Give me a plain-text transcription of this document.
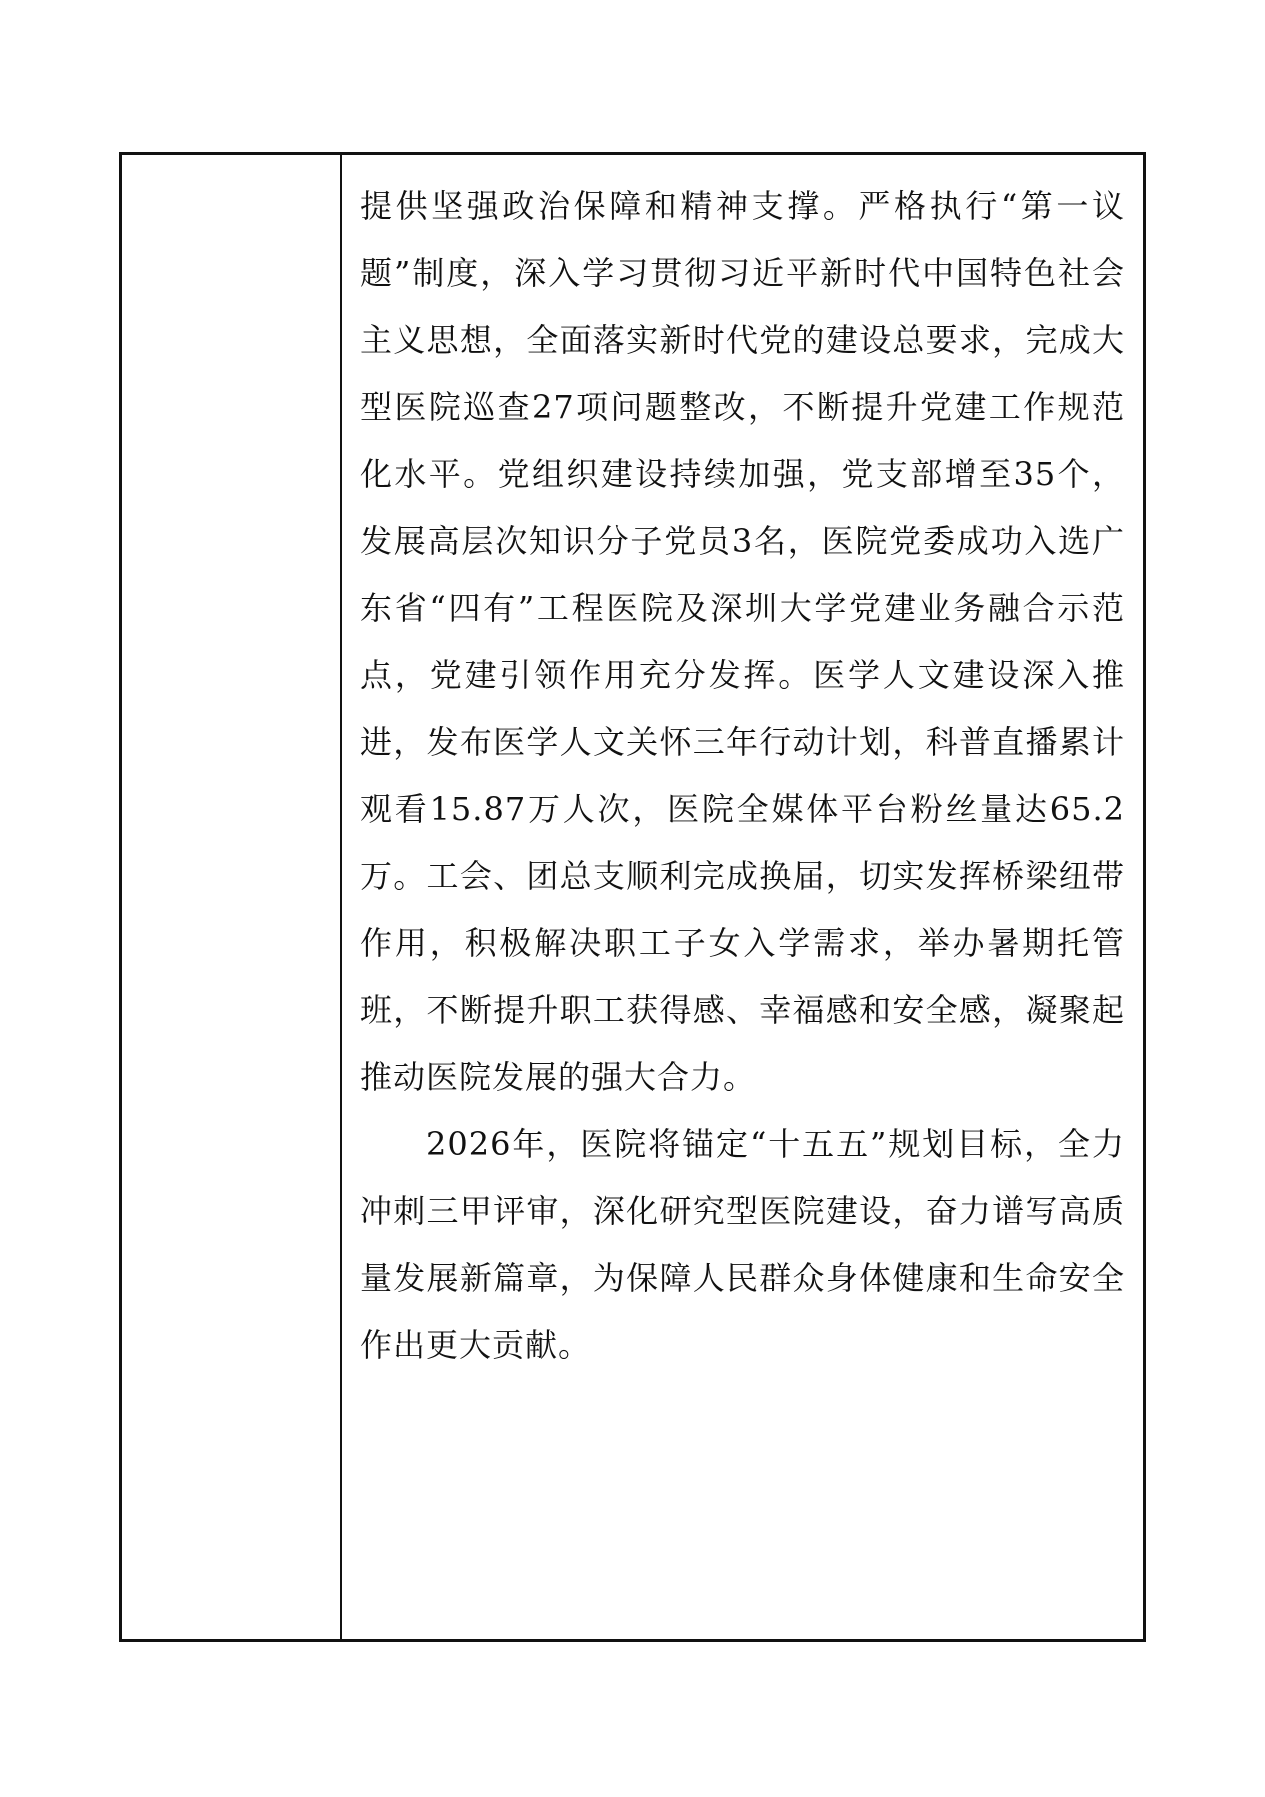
提供坚强政治保障和精神支撑。严格执行“第一议题”制度，深入学习贯彻习近平新时代中国特色社会主义思想，全面落实新时代党的建设总要求，完成大型医院巡查27项问题整改，不断提升党建工作规范化水平。党组织建设持续加强，党支部增至35个，发展高层次知识分子党员3名，医院党委成功入选广东省“四有”工程医院及深圳大学党建业务融合示范点，党建引领作用充分发挥。医学人文建设深入推进，发布医学人文关怀三年行动计划，科普直播累计观看15.87万人次，医院全媒体平台粉丝量达65.2万。工会、团总支顺利完成换届，切实发挥桥梁纽带作用，积极解决职工子女入学需求，举办暑期托管班，不断提升职工获得感、幸福感和安全感，凝聚起推动医院发展的强大合力。

2026年，医院将锚定“十五五”规划目标，全力冲刺三甲评审，深化研究型医院建设，奋力谱写高质量发展新篇章，为保障人民群众身体健康和生命安全作出更大贡献。
